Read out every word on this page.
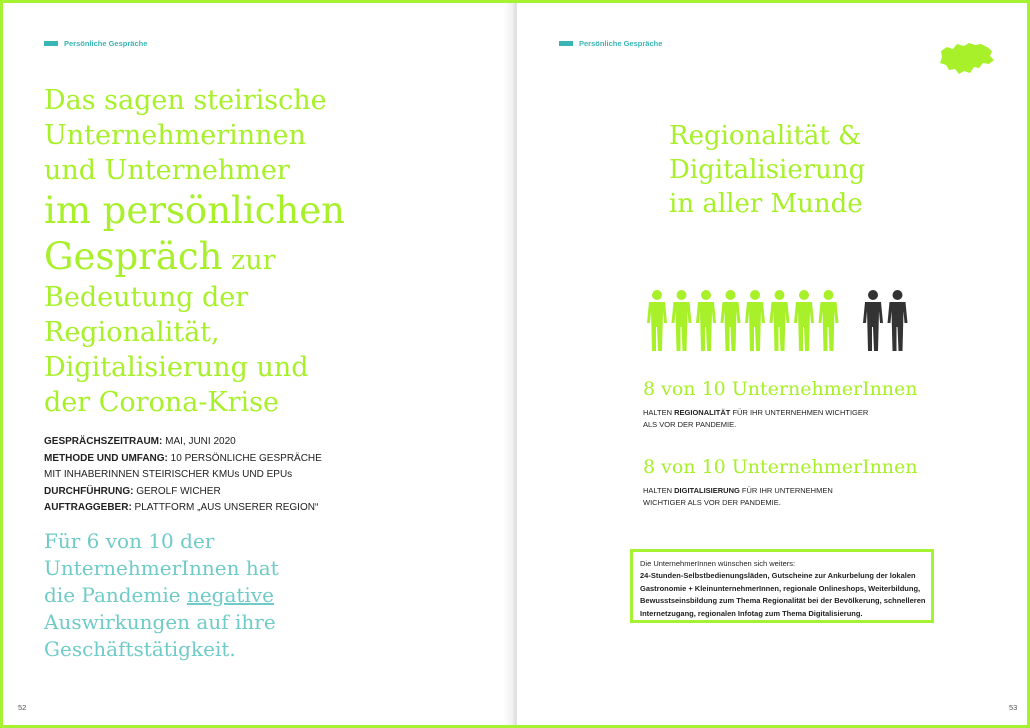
Persönliche Gespräche
Das sagen steirische
Unternehmerinnen
und Unternehmer
im persönlichen
Gespräch zur
Bedeutung der
Regionalität,
Digitalisierung und
der Corona-Krise
GESPRÄCHSZEITRAUM: MAI, JUNI 2020
METHODE UND UMFANG: 10 PERSÖNLICHE GESPRÄCHE
MIT INHABERINNEN STEIRISCHER KMUs UND EPUs
DURCHFÜHRUNG: GEROLF WICHER
AUFTRAGGEBER: PLATTFORM „AUS UNSERER REGION“
Für 6 von 10 der
UnternehmerInnen hat
die Pandemie negative
Auswirkungen auf ihre
Geschäftstätigkeit.
52
Persönliche Gespräche
Regionalität &
Digitalisierung
in aller Munde
8 von 10 UnternehmerInnen
HALTEN REGIONALITÄT FÜR IHR UNTERNEHMEN WICHTIGER
ALS VOR DER PANDEMIE.
8 von 10 UnternehmerInnen
HALTEN DIGITALISIERUNG FÜR IHR UNTERNEHMEN
WICHTIGER ALS VOR DER PANDEMIE.
Die UnternehmerInnen wünschen sich weiters:
24-Stunden-Selbstbedienungsläden, Gutscheine zur Ankurbelung der lokalen
Gastronomie + KleinunternehmerInnen, regionale Onlineshops, Weiterbildung,
Bewusstseinsbildung zum Thema Regionalität bei der Bevölkerung, schnelleren
Internetzugang, regionalen Infotag zum Thema Digitalisierung.
53
